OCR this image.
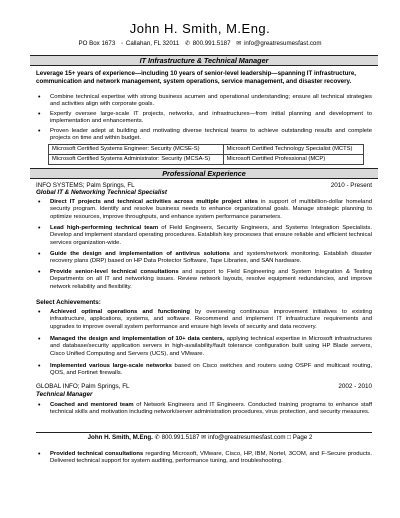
John H. Smith, M.Eng.
PO Box 1673 ◦ Callahan, FL 32011 ✆ 800.991.5187 ✉ info@greatresumesfast.com
IT Infrastructure & Technical Manager
Leverage 15+ years of experience—including 10 years of senior-level leadership—spanning IT infrastructure, communication and network management, system operations, service management, and disaster recovery.
• Combine technical expertise with strong business acumen and operational understanding; ensure all technical strategies and activities align with corporate goals.
• Expertly oversee large-scale IT projects, networks, and infrastructures—from initial planning and development to implementation and enhancements.
• Proven leader adept at building and motivating diverse technical teams to achieve outstanding results and complete projects on time and within budget.
Microsoft Certified Systems Engineer: Security (MCSE-S)	Microsoft Certified Technology Specialist (MCTS)
Microsoft Certified Systems Administrator: Security (MCSA-S)	Microsoft Certified Professional (MCP)
Professional Experience
INFO SYSTEMS; Palm Springs, FL	2010 - Present
Global IT & Networking Technical Specialist
• Direct IT projects and technical activities across multiple project sites in support of multibillion-dollar homeland security program. Identify and resolve business needs to enhance organizational goals. Manage strategic planning to optimize resources, improve throughputs, and enhance system performance parameters.
• Lead high-performing technical team of Field Engineers, Security Engineers, and Systems Integration Specialists. Develop and implement standard operating procedures. Establish key processes that ensure reliable and efficient technical services organization-wide.
• Guide the design and implementation of antivirus solutions and system/network monitoring. Establish disaster recovery plans (DRP) based on HP Data Protector Software, Tape Libraries, and SAN hardware.
• Provide senior-level technical consultations and support to Field Engineering and System Integration & Testing Departments on all IT and networking issues. Review network layouts, resolve equipment redundancies, and improve network reliability and flexibility.
Select Achievements:
• Achieved optimal operations and functioning by overseeing continuous improvement initiatives to existing infrastructure, applications, systems, and software. Recommend and implement IT infrastructure requirements and upgrades to improve overall system performance and ensure high levels of security and data recovery.
• Managed the design and implementation of 10+ data centers, applying technical expertise in Microsoft infrastructures and database/security application servers in high-availability/fault tolerance configuration built using HP Blade servers, Cisco Unified Computing and Servers (UCS), and VMware.
• Implemented various large-scale networks based on Cisco switches and routers using OSPF and multicast routing, QOS, and Fortinet firewalls.
GLOBAL INFO; Palm Springs, FL	2002 - 2010
Technical Manager
• Coached and mentored team of Network Engineers and IT Engineers. Conducted training programs to enhance staff technical skills and motivation including network/server administration procedures, virus protection, and security measures.
John H. Smith, M.Eng. ✆ 800.991.5187 ✉ info@greatresumesfast.com □ Page 2
• Provided technical consultations regarding Microsoft, VMware, Cisco, HP, IBM, Nortel, 3COM, and F-Secure products. Delivered technical support for system auditing, performance tuning, and troubleshooting.
